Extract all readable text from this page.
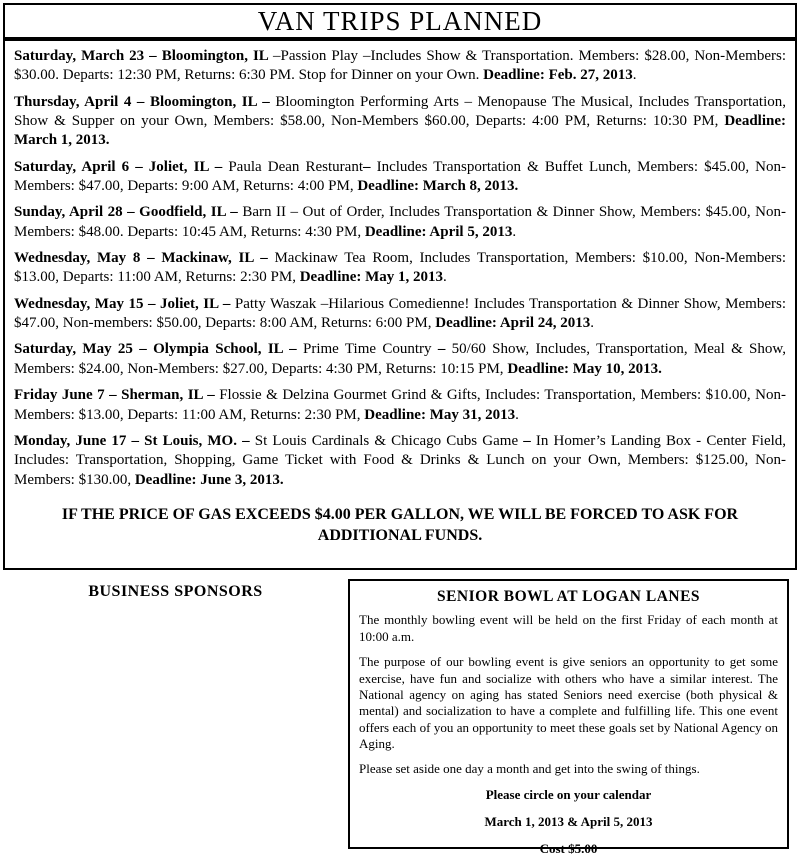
VAN TRIPS PLANNED

Saturday, March 23 – Bloomington, IL –Passion Play –Includes Show & Transportation. Members: $28.00, Non-Members: $30.00. Departs: 12:30 PM, Returns: 6:30 PM. Stop for Dinner on your Own. Deadline: Feb. 27, 2013.

Thursday, April 4 – Bloomington, IL – Bloomington Performing Arts – Menopause The Musical, Includes Transportation, Show & Supper on your Own, Members: $58.00, Non-Members $60.00, Departs: 4:00 PM, Returns: 10:30 PM, Deadline: March 1, 2013.

Saturday, April 6 – Joliet, IL – Paula Dean Resturant– Includes Transportation & Buffet Lunch, Members: $45.00, Non-Members: $47.00, Departs: 9:00 AM, Returns: 4:00 PM, Deadline: March 8, 2013.

Sunday, April 28 – Goodfield, IL – Barn II – Out of Order, Includes Transportation & Dinner Show, Members: $45.00, Non-Members: $48.00. Departs: 10:45 AM, Returns: 4:30 PM, Deadline: April 5, 2013.

Wednesday, May 8 – Mackinaw, IL – Mackinaw Tea Room, Includes Transportation, Members: $10.00, Non-Members: $13.00, Departs: 11:00 AM, Returns: 2:30 PM, Deadline: May 1, 2013.

Wednesday, May 15 – Joliet, IL – Patty Waszak –Hilarious Comedienne! Includes Transportation & Dinner Show, Members: $47.00, Non-members: $50.00, Departs: 8:00 AM, Returns: 6:00 PM, Deadline: April 24, 2013.

Saturday, May 25 – Olympia School, IL – Prime Time Country – 50/60 Show, Includes, Transportation, Meal & Show, Members: $24.00, Non-Members: $27.00, Departs: 4:30 PM, Returns: 10:15 PM, Deadline: May 10, 2013.

Friday June 7 – Sherman, IL – Flossie & Delzina Gourmet Grind & Gifts, Includes: Transportation, Members: $10.00, Non-Members: $13.00, Departs: 11:00 AM, Returns: 2:30 PM, Deadline: May 31, 2013.

Monday, June 17 – St Louis, MO. – St Louis Cardinals & Chicago Cubs Game – In Homer’s Landing Box - Center Field, Includes: Transportation, Shopping, Game Ticket with Food & Drinks & Lunch on your Own, Members: $125.00, Non-Members: $130.00, Deadline: June 3, 2013.

IF THE PRICE OF GAS EXCEEDS $4.00 PER GALLON, WE WILL BE FORCED TO ASK FOR ADDITIONAL FUNDS.

BUSINESS SPONSORS	SENIOR BOWL AT LOGAN LANES

The monthly bowling event will be held on the first Friday of each month at 10:00 a.m.

The purpose of our bowling event is give seniors an opportunity to get some exercise, have fun and socialize with others who have a similar interest. The National agency on aging has stated Seniors need exercise (both physical & mental) and socialization to have a complete and fulfilling life. This one event offers each of you an opportunity to meet these goals set by National Agency on Aging.

Please set aside one day a month and get into the swing of things.

Please circle on your calendar

March 1, 2013 & April 5, 2013

Cost $5.00
